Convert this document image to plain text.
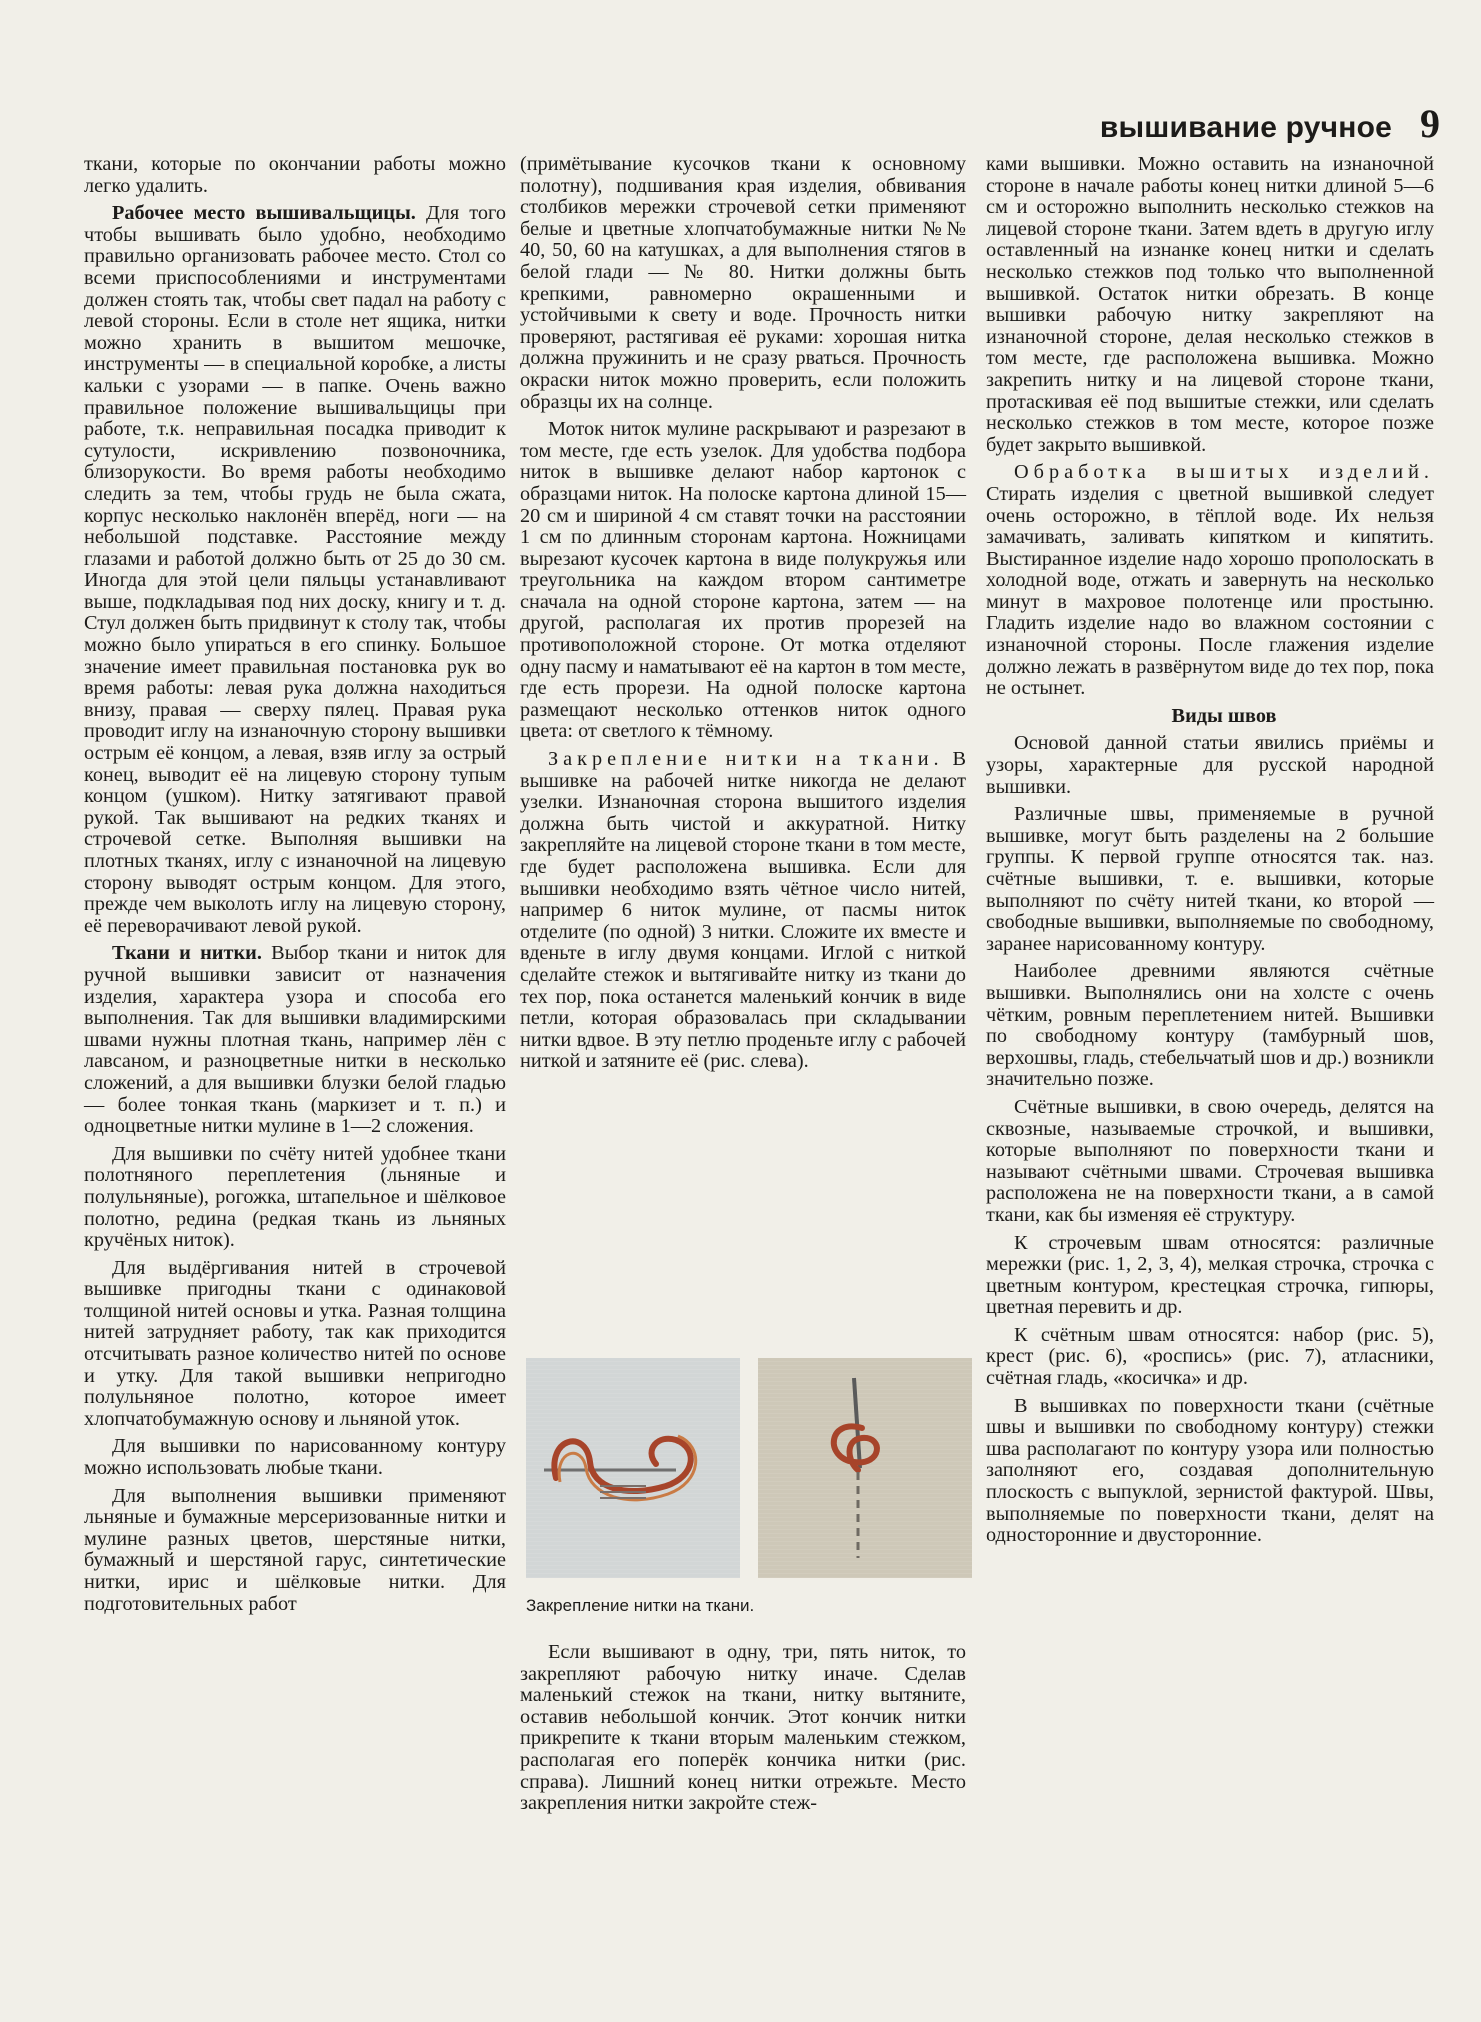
вышивание ручное 9

ткани, которые по окончании работы можно легко удалить.

Рабочее место вышивальщицы. Для того чтобы вышивать было удобно, необходимо правильно организовать рабочее место. Стол со всеми приспособлениями и инструментами должен стоять так, чтобы свет падал на работу с левой стороны. Если в столе нет ящика, нитки можно хранить в вышитом мешочке, инструменты — в специальной коробке, а листы кальки с узорами — в папке. Очень важно правильное положение вышивальщицы при работе, т.к. неправильная посадка приводит к сутулости, искривлению позвоночника, близорукости. Во время работы необходимо следить за тем, чтобы грудь не была сжата, корпус несколько наклонён вперёд, ноги — на небольшой подставке. Расстояние между глазами и работой должно быть от 25 до 30 см. Иногда для этой цели пяльцы устанавливают выше, подкладывая под них доску, книгу и т. д. Стул должен быть придвинут к столу так, чтобы можно было упираться в его спинку. Большое значение имеет правильная постановка рук во время работы: левая рука должна находиться внизу, правая — сверху пялец. Правая рука проводит иглу на изнаночную сторону вышивки острым её концом, а левая, взяв иглу за острый конец, выводит её на лицевую сторону тупым концом (ушком). Нитку затягивают правой рукой. Так вышивают на редких тканях и строчевой сетке. Выполняя вышивки на плотных тканях, иглу с изнаночной на лицевую сторону выводят острым концом. Для этого, прежде чем выколоть иглу на лицевую сторону, её переворачивают левой рукой.

Ткани и нитки. Выбор ткани и ниток для ручной вышивки зависит от назначения изделия, характера узора и способа его выполнения. Так для вышивки владимирскими швами нужны плотная ткань, например лён с лавсаном, и разноцветные нитки в несколько сложений, а для вышивки блузки белой гладью — более тонкая ткань (маркизет и т. п.) и одноцветные нитки мулине в 1—2 сложения.

Для вышивки по счёту нитей удобнее ткани полотняного переплетения (льняные и полульняные), рогожка, штапельное и шёлковое полотно, редина (редкая ткань из льняных кручёных ниток).

Для выдёргивания нитей в строчевой вышивке пригодны ткани с одинаковой толщиной нитей основы и утка. Разная толщина нитей затрудняет работу, так как приходится отсчитывать разное количество нитей по основе и утку. Для такой вышивки непригодно полульняное полотно, которое имеет хлопчатобумажную основу и льняной уток.

Для вышивки по нарисованному контуру можно использовать любые ткани.

Для выполнения вышивки применяют льняные и бумажные мерсеризованные нитки и мулине разных цветов, шерстяные нитки, бумажный и шерстяной гарус, синтетические нитки, ирис и шёлковые нитки. Для подготовительных работ

(примётывание кусочков ткани к основному полотну), подшивания края изделия, обвивания столбиков мережки строчевой сетки применяют белые и цветные хлопчатобумажные нитки №№ 40, 50, 60 на катушках, а для выполнения стягов в белой глади — № 80. Нитки должны быть крепкими, равномерно окрашенными и устойчивыми к свету и воде. Прочность нитки проверяют, растягивая её руками: хорошая нитка должна пружинить и не сразу рваться. Прочность окраски ниток можно проверить, если положить образцы их на солнце.

Моток ниток мулине раскрывают и разрезают в том месте, где есть узелок. Для удобства подбора ниток в вышивке делают набор картонок с образцами ниток. На полоске картона длиной 15—20 см и шириной 4 см ставят точки на расстоянии 1 см по длинным сторонам картона. Ножницами вырезают кусочек картона в виде полукружья или треугольника на каждом втором сантиметре сначала на одной стороне картона, затем — на другой, располагая их против прорезей на противоположной стороне. От мотка отделяют одну пасму и наматывают её на картон в том месте, где есть прорези. На одной полоске картона размещают несколько оттенков ниток одного цвета: от светлого к тёмному.

Закрепление нитки на ткани. В вышивке на рабочей нитке никогда не делают узелки. Изнаночная сторона вышитого изделия должна быть чистой и аккуратной. Нитку закрепляйте на лицевой стороне ткани в том месте, где будет расположена вышивка. Если для вышивки необходимо взять чётное число нитей, например 6 ниток мулине, от пасмы ниток отделите (по одной) 3 нитки. Сложите их вместе и вденьте в иглу двумя концами. Иглой с ниткой сделайте стежок и вытягивайте нитку из ткани до тех пор, пока останется маленький кончик в виде петли, которая образовалась при складывании нитки вдвое. В эту петлю проденьте иглу с рабочей ниткой и затяните её (рис. слева).

Закрепление нитки на ткани.

Если вышивают в одну, три, пять ниток, то закрепляют рабочую нитку иначе. Сделав маленький стежок на ткани, нитку вытяните, оставив небольшой кончик. Этот кончик нитки прикрепите к ткани вторым маленьким стежком, располагая его поперёк кончика нитки (рис. справа). Лишний конец нитки отрежьте. Место закрепления нитки закройте стеж-

ками вышивки. Можно оставить на изнаночной стороне в начале работы конец нитки длиной 5—6 см и осторожно выполнить несколько стежков на лицевой стороне ткани. Затем вдеть в другую иглу оставленный на изнанке конец нитки и сделать несколько стежков под только что выполненной вышивкой. Остаток нитки обрезать. В конце вышивки рабочую нитку закрепляют на изнаночной стороне, делая несколько стежков в том месте, где расположена вышивка. Можно закрепить нитку и на лицевой стороне ткани, протаскивая её под вышитые стежки, или сделать несколько стежков в том месте, которое позже будет закрыто вышивкой.

Обработка вышитых изделий. Стирать изделия с цветной вышивкой следует очень осторожно, в тёплой воде. Их нельзя замачивать, заливать кипятком и кипятить. Выстиранное изделие надо хорошо прополоскать в холодной воде, отжать и завернуть на несколько минут в махровое полотенце или простыню. Гладить изделие надо во влажном состоянии с изнаночной стороны. После глажения изделие должно лежать в развёрнутом виде до тех пор, пока не остынет.

Виды швов

Основой данной статьи явились приёмы и узоры, характерные для русской народной вышивки.

Различные швы, применяемые в ручной вышивке, могут быть разделены на 2 большие группы. К первой группе относятся так. наз. счётные вышивки, т. е. вышивки, которые выполняют по счёту нитей ткани, ко второй — свободные вышивки, выполняемые по свободному, заранее нарисованному контуру.

Наиболее древними являются счётные вышивки. Выполнялись они на холсте с очень чётким, ровным переплетением нитей. Вышивки по свободному контуру (тамбурный шов, верхошвы, гладь, стебельчатый шов и др.) возникли значительно позже.

Счётные вышивки, в свою очередь, делятся на сквозные, называемые строчкой, и вышивки, которые выполняют по поверхности ткани и называют счётными швами. Строчевая вышивка расположена не на поверхности ткани, а в самой ткани, как бы изменяя её структуру.

К строчевым швам относятся: различные мережки (рис. 1, 2, 3, 4), мелкая строчка, строчка с цветным контуром, крестецкая строчка, гипюры, цветная перевить и др.

К счётным швам относятся: набор (рис. 5), крест (рис. 6), «роспись» (рис. 7), атласники, счётная гладь, «косичка» и др.

В вышивках по поверхности ткани (счётные швы и вышивки по свободному контуру) стежки шва располагают по контуру узора или полностью заполняют его, создавая дополнительную плоскость с выпуклой, зернистой фактурой. Швы, выполняемые по поверхности ткани, делят на односторонние и двусторонние.
